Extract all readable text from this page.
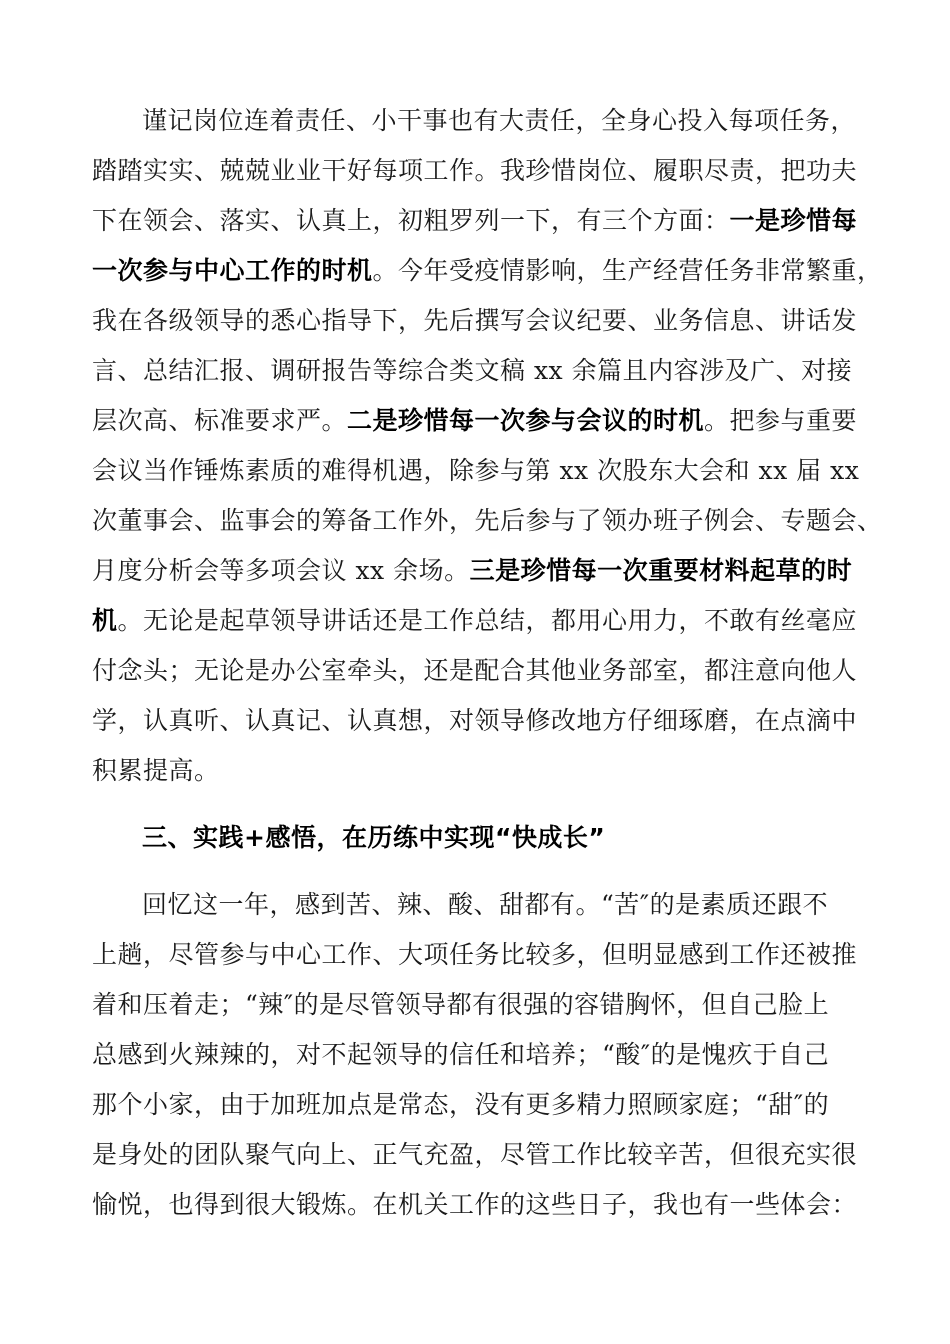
谨记岗位连着责任、小干事也有大责任，全身心投入每项任务，
踏踏实实、兢兢业业干好每项工作。我珍惜岗位、履职尽责，把功夫
下在领会、落实、认真上，初粗罗列一下，有三个方面：一是珍惜每
一次参与中心工作的时机。今年受疫情影响，生产经营任务非常繁重，
我在各级领导的悉心指导下，先后撰写会议纪要、业务信息、讲话发
言、总结汇报、调研报告等综合类文稿 xx 余篇且内容涉及广、对接
层次高、标准要求严。二是珍惜每一次参与会议的时机。把参与重要
会议当作锤炼素质的难得机遇，除参与第 xx 次股东大会和 xx 届 xx
次董事会、监事会的筹备工作外，先后参与了领办班子例会、专题会、
月度分析会等多项会议 xx 余场。三是珍惜每一次重要材料起草的时
机。无论是起草领导讲话还是工作总结，都用心用力，不敢有丝毫应
付念头；无论是办公室牵头，还是配合其他业务部室，都注意向他人
学，认真听、认真记、认真想，对领导修改地方仔细琢磨，在点滴中
积累提高。
三、实践+感悟，在历练中实现“快成长”
回忆这一年，感到苦、辣、酸、甜都有。“苦″的是素质还跟不
上趟，尽管参与中心工作、大项任务比较多，但明显感到工作还被推
着和压着走；“辣″的是尽管领导都有很强的容错胸怀，但自己脸上
总感到火辣辣的，对不起领导的信任和培养；“酸″的是愧疚于自己
那个小家，由于加班加点是常态，没有更多精力照顾家庭；“甜″的
是身处的团队聚气向上、正气充盈，尽管工作比较辛苦，但很充实很
愉悦，也得到很大锻炼。在机关工作的这些日子，我也有一些体会：
